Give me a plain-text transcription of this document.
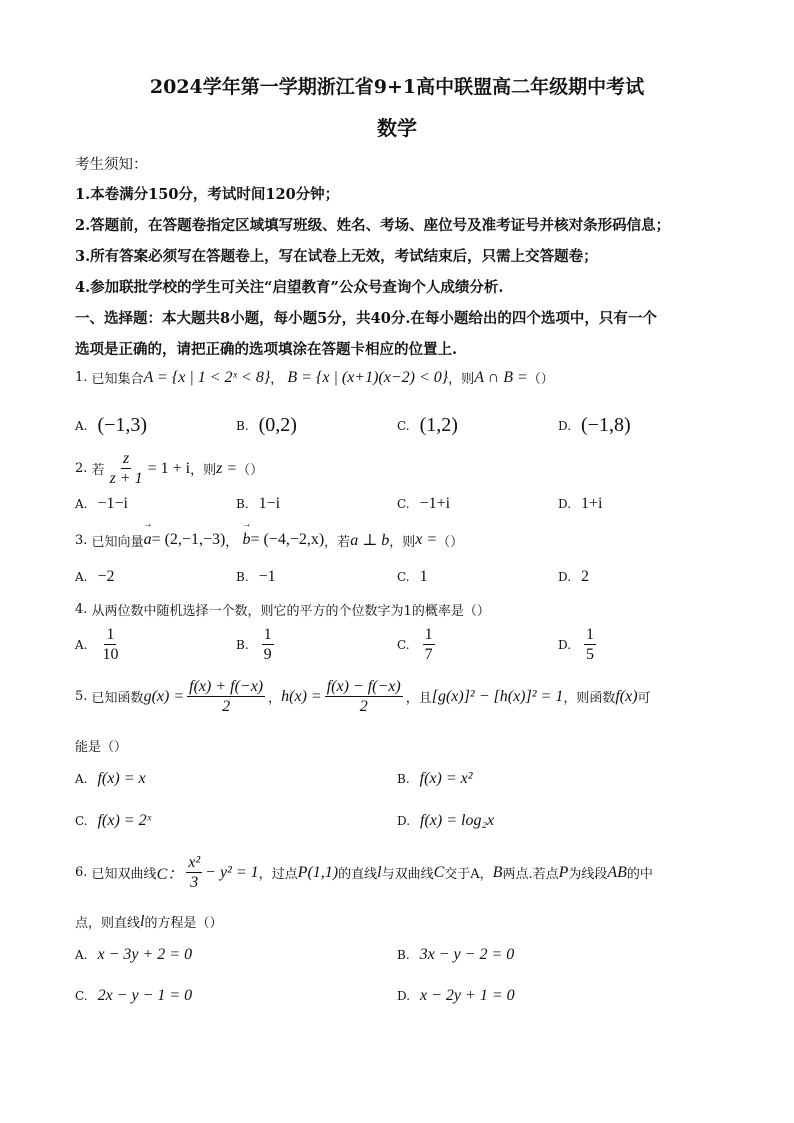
2024学年第一学期浙江省9+1高中联盟高二年级期中考试
数学
考生须知：
1.本卷满分150分，考试时间120分钟；
2.答题前，在答题卷指定区域填写班级、姓名、考场、座位号及准考证号并核对条形码信息；
3.所有答案必须写在答题卷上，写在试卷上无效，考试结束后，只需上交答题卷；
4.参加联批学校的学生可关注“启望教育”公众号查询个人成绩分析.
一、选择题：本大题共8小题，每小题5分，共40分.在每小题给出的四个选项中，只有一个
选项是正确的，请把正确的选项填涂在答题卡相应的位置上.
1.
已知集合 A = {x | 1 < 2ˣ < 8} ， B = {x | (x+1)(x−2) < 0} ，则 A ∩ B = （）
A. (−1,3)	B. (0,2)	C. (1,2)	D. (−1,8)
2.
若 $\frac{z}{z + 1} = 1 + i$ ，则 z = （）
A. −1−i	B. 1−i	C. −1+i	D. 1+i
3.
已知向量 → a = (2,−1,−3) ， → b = (−4,−2,x) ，若 a ⊥ b ，则 x = （）
A. −2	B. −1	C. 1	D. 2
4.
从两位数中随机选择一个数，则它的平方的个位数字为1的概率是（）
A. $\frac{1}{10}$	B. $\frac{1}{9}$	C. $\frac{1}{7}$	D. $\frac{1}{5}$
5.
已知函数 $g(x) = \frac{f(x) + f(-x)}{2}$ ， $h(x) = \frac{f(x) - f(-x)}{2}$ ，且 [g(x)]² − [h(x)]² = 1 ，则函数 f(x) 可
能是（）
A. f(x) = x	B. f(x) = x²
C. f(x) = 2ˣ	D. f(x) = log₂x
6.
已知双曲线 C： $\frac{\text{x²}}{3} - y^2 = 1$ ，过点 P(1,1) 的直线 l 与双曲线 C 交于A， B 两点.若点 P 为线段 AB 的中
点，则直线 l 的方程是（）
A. x − 3y + 2 = 0	B. 3x − y − 2 = 0
C. 2x − y − 1 = 0	D. x − 2y + 1 = 0
